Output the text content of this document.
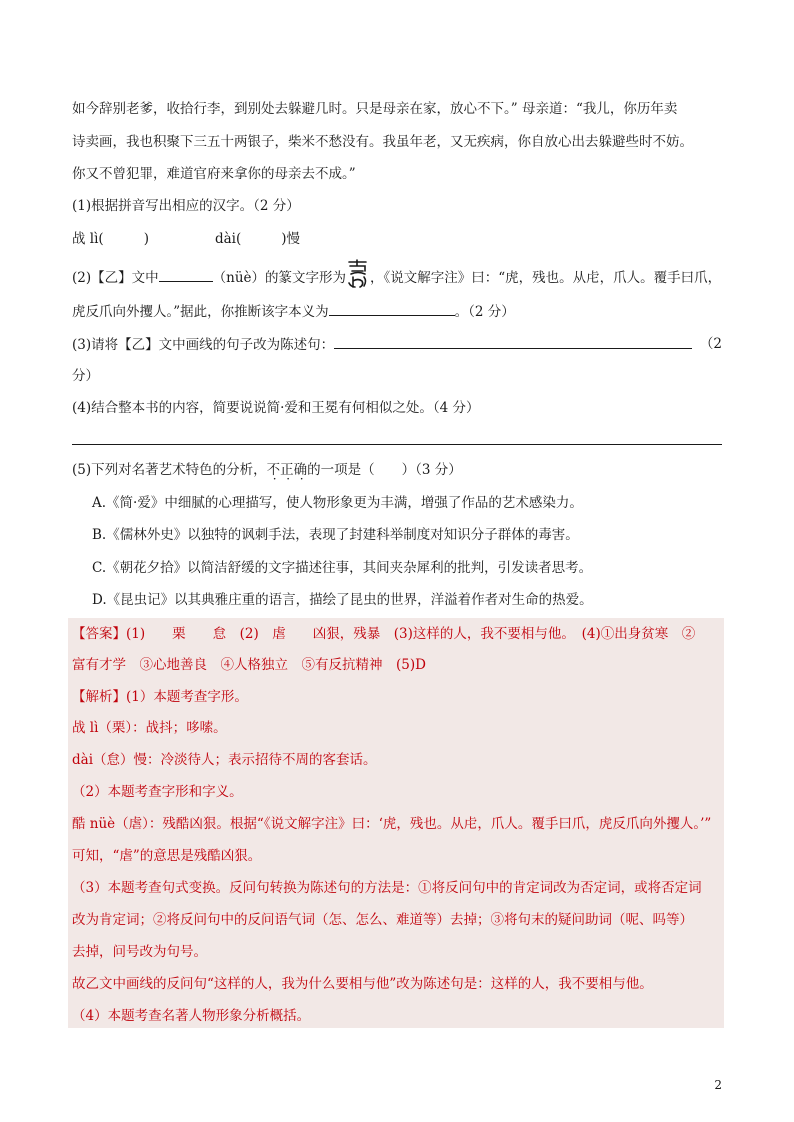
如今辞别老爹，收拾行李，到别处去躲避几时。只是母亲在家，放心不下。” 母亲道：“我儿，你历年卖
诗卖画，我也积聚下三五十两银子，柴米不愁没有。我虽年老，又无疾病，你自放心出去躲避些时不妨。
你又不曾犯罪，难道官府来拿你的母亲去不成。”
(1)根据拼音写出相应的汉字。（2 分）
战 lì(	)	dài(	)慢
(2)【乙】文中	（nüè）的篆文字形为 ，《说文解字注》曰：“虎，残也。从虍，爪人。覆手曰爪，
虎反爪向外攫人。”据此，你推断该字本义为	。（2 分）
(3)请将【乙】文中画线的句子改为陈述句：	（2
分）
(4)结合整本书的内容，简要说说简·爱和王冕有何相似之处。（4 分）
(5)下列对名著艺术特色的分析，不正确的一项是（　　）（3 分）
A.《简·爱》中细腻的心理描写，使人物形象更为丰满，增强了作品的艺术感染力。
B.《儒林外史》以独特的讽刺手法，表现了封建科举制度对知识分子群体的毒害。
C.《朝花夕拾》以简洁舒缓的文字描述往事，其间夹杂犀利的批判，引发读者思考。
D.《昆虫记》以其典雅庄重的语言，描绘了昆虫的世界，洋溢着作者对生命的热爱。
【答案】(1)　　栗　　怠　(2)　虐　　凶狠，残暴　(3)这样的人，我不要相与他。　(4)①出身贫寒　②
富有才学　③心地善良　④人格独立　⑤有反抗精神　(5)D
【解析】(1）本题考查字形。
战 lì（栗）：战抖；哆嗦。
dài（怠）慢：冷淡待人；表示招待不周的客套话。
（2）本题考查字形和字义。
酷 nüè（虐）：残酷凶狠。根据“《说文解字注》曰：‘虎，残也。从虍，爪人。覆手曰爪，虎反爪向外攫人。’”
可知，“虐”的意思是残酷凶狠。
（3）本题考查句式变换。反问句转换为陈述句的方法是：①将反问句中的肯定词改为否定词，或将否定词
改为肯定词；②将反问句中的反问语气词（怎、怎么、难道等）去掉；③将句末的疑问助词（呢、吗等）
去掉，问号改为句号。
故乙文中画线的反问句“这样的人，我为什么要相与他”改为陈述句是：这样的人，我不要相与他。
（4）本题考查名著人物形象分析概括。
2
